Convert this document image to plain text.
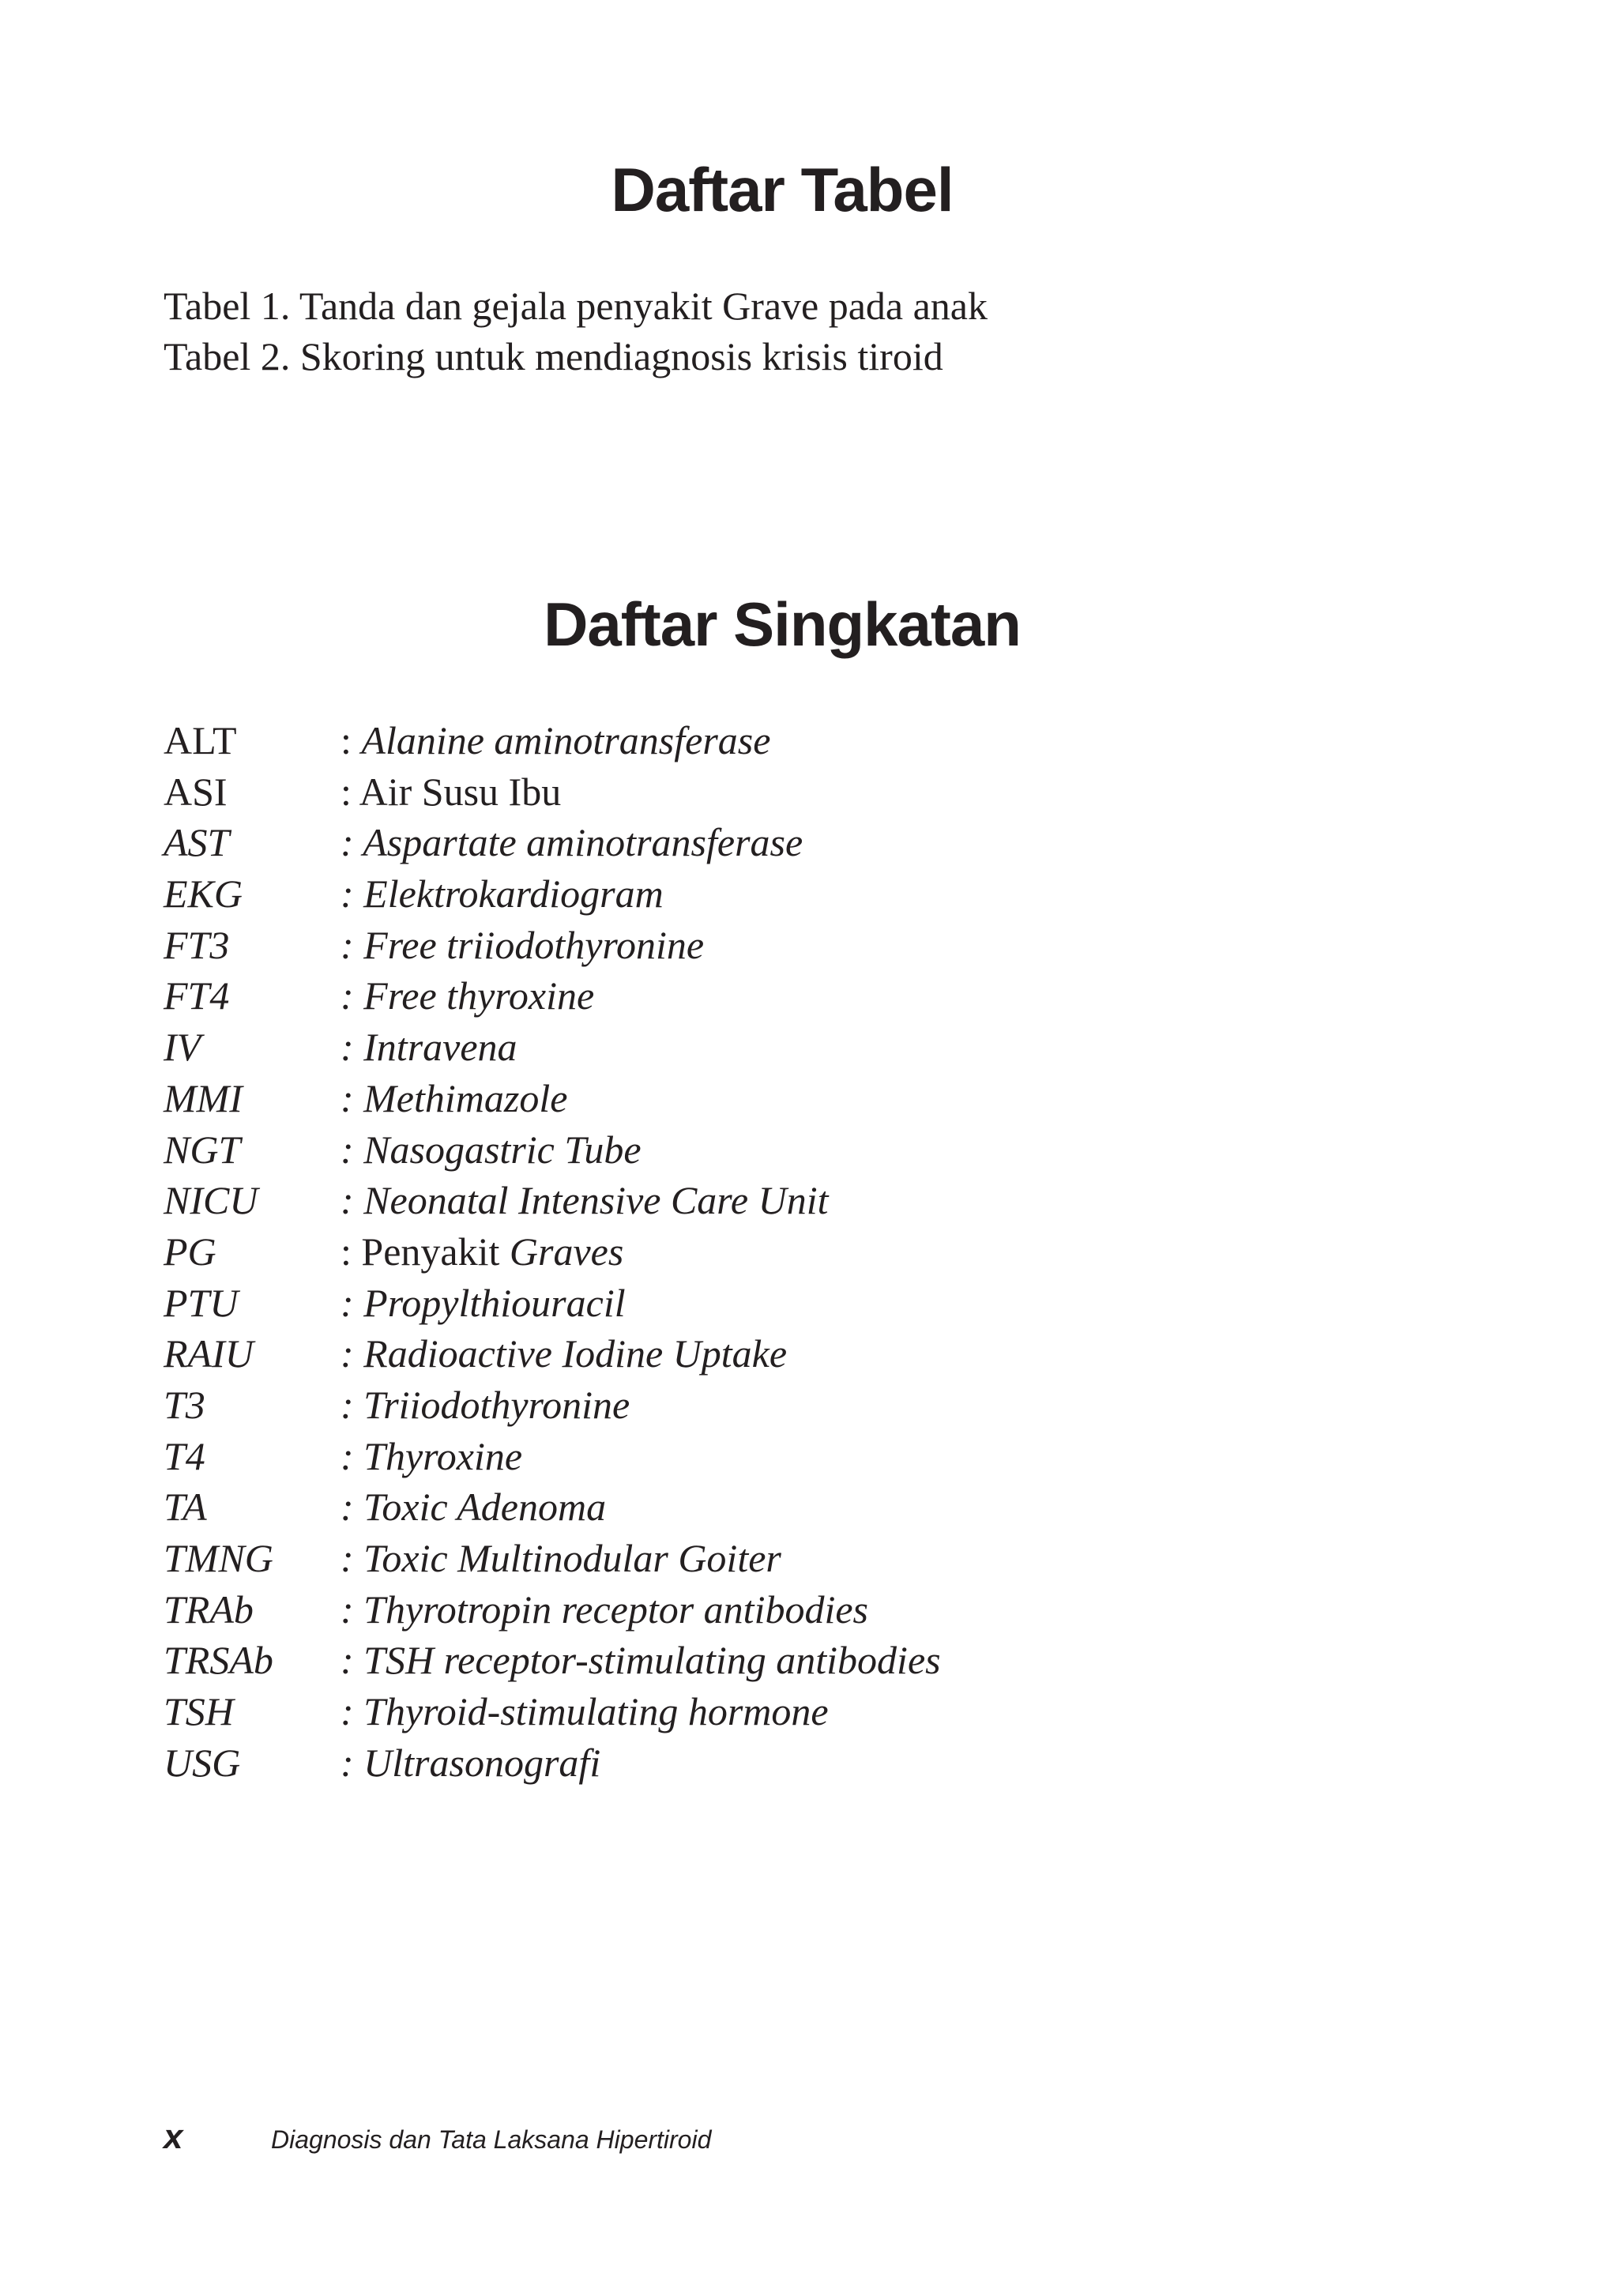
Daftar Tabel
Tabel 1. Tanda dan gejala penyakit Grave pada anak
Tabel 2. Skoring untuk mendiagnosis krisis tiroid
Daftar Singkatan
ALT	: Alanine aminotransferase
ASI	: Air Susu Ibu
AST	: Aspartate aminotransferase
EKG : Elektrokardiogram
FT3	: Free triiodothyronine
FT4	: Free thyroxine
IV	: Intravena
MMI : Methimazole
NGT	: Nasogastric Tube
NICU : Neonatal Intensive Care Unit
PG	: Penyakit Graves
PTU	: Propylthiouracil
RAIU : Radioactive Iodine Uptake
T3	: Triiodothyronine
T4	: Thyroxine
TA	: Toxic Adenoma
TMNG : Toxic Multinodular Goiter
TRAb : Thyrotropin receptor antibodies
TRSAb : TSH receptor-stimulating antibodies
TSH	: Thyroid-stimulating hormone
USG	: Ultrasonografi
x	Diagnosis dan Tata Laksana Hipertiroid
